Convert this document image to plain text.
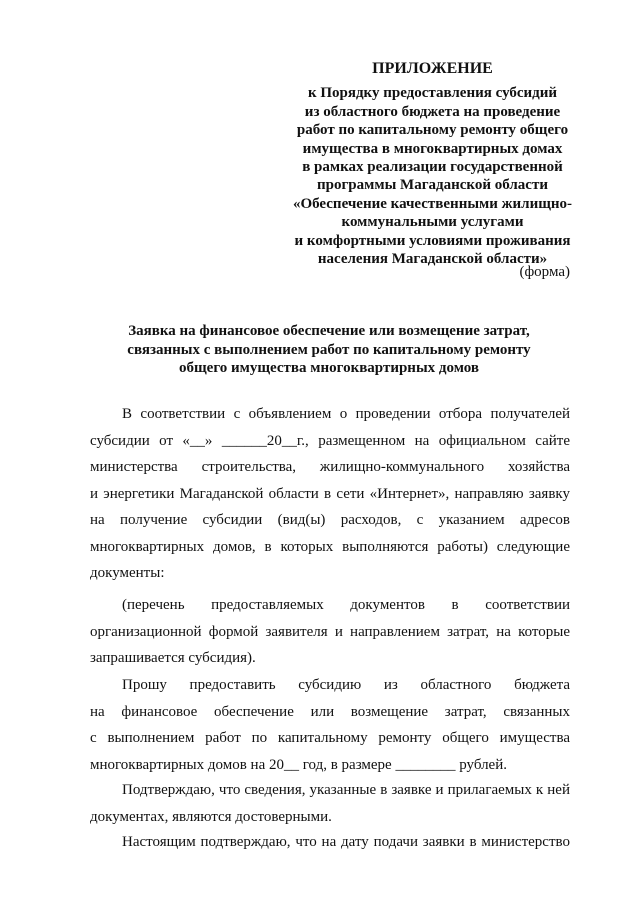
ПРИЛОЖЕНИЕ
к Порядку предоставления субсидий
из областного бюджета на проведение
работ по капитальному ремонту общего
имущества в многоквартирных домах
в рамках реализации государственной
программы Магаданской области
«Обеспечение качественными жилищно-
коммунальными услугами
и комфортными условиями проживания
населения Магаданской области»
(форма)
Заявка на финансовое обеспечение или возмещение затрат,
связанных с выполнением работ по капитальному ремонту
общего имущества многоквартирных домов
В соответствии с объявлением о проведении отбора получателей
субсидии от «__» ______20__г., размещенном на официальном сайте
министерства строительства, жилищно-коммунального хозяйства
и энергетики Магаданской области в сети «Интернет», направляю заявку
на получение субсидии (вид(ы) расходов, с указанием адресов
многоквартирных домов, в которых выполняются работы) следующие
документы:
(перечень предоставляемых документов в соответствии
организационной формой заявителя и направлением затрат, на которые
запрашивается субсидия).
Прошу предоставить субсидию из областного бюджета
на финансовое обеспечение или возмещение затрат, связанных
с выполнением работ по капитальному ремонту общего имущества
многоквартирных домов на 20__ год, в размере ________ рублей.
Подтверждаю, что сведения, указанные в заявке и прилагаемых к ней
документах, являются достоверными.
Настоящим подтверждаю, что на дату подачи заявки в министерство
